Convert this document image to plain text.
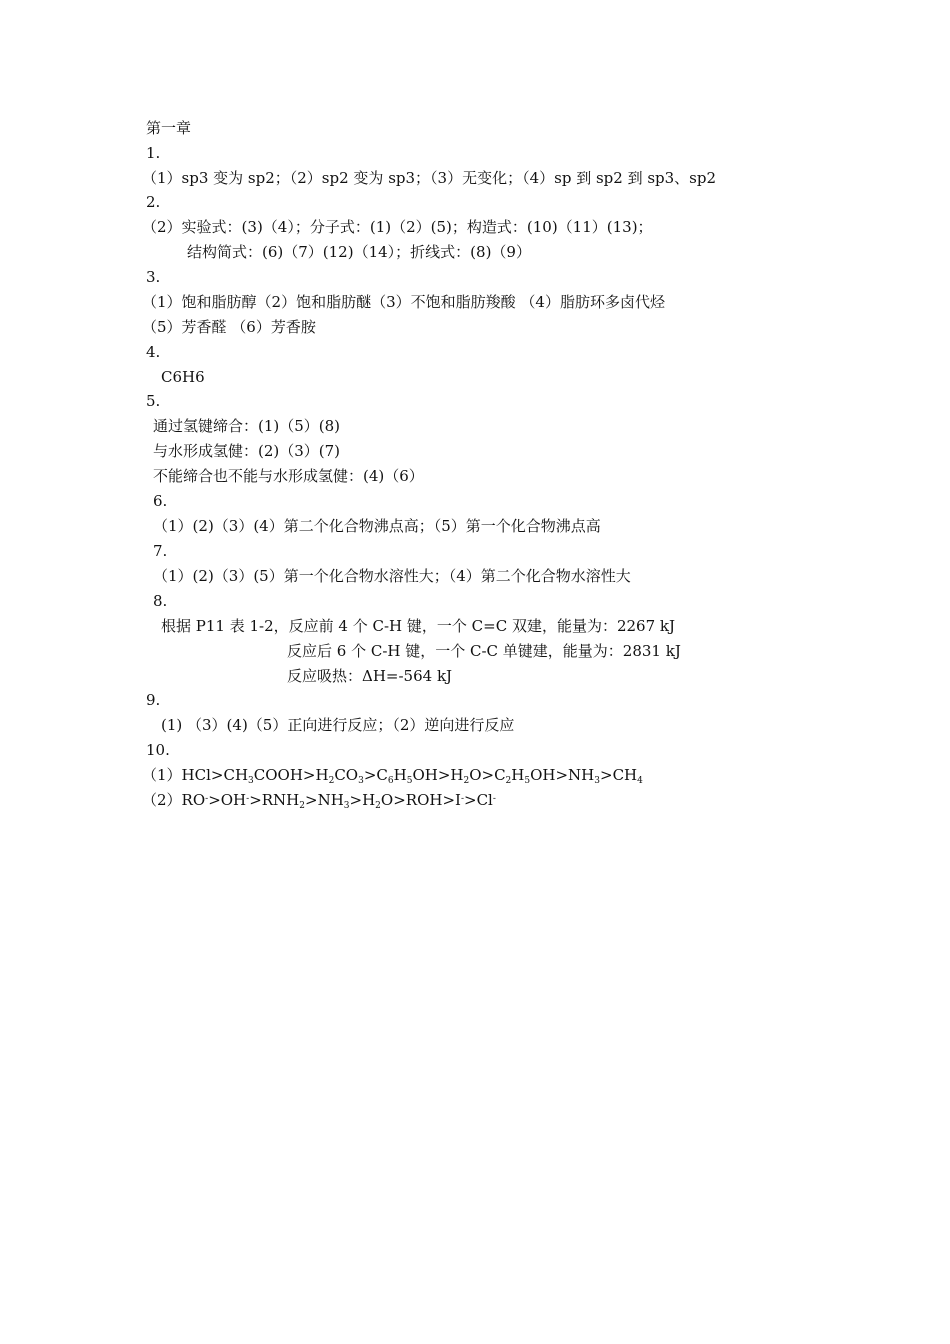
第一章
1.
（1）sp3 变为 sp2；（2）sp2 变为 sp3；（3）无变化；（4）sp 到 sp2 到 sp3、sp2
2.
（2）实验式：(3)（4）；分子式：(1)（2）(5)；构造式：(10)（11）(13)；
结构简式：(6)（7）(12)（14）；折线式：(8)（9）
3.
（1）饱和脂肪醇（2）饱和脂肪醚（3）不饱和脂肪羧酸 （4）脂肪环多卤代烃
（5）芳香醛 （6）芳香胺
4.
C6H6
5.
通过氢键缔合：(1)（5）(8)
与水形成氢健：(2)（3）(7)
不能缔合也不能与水形成氢健：(4)（6）
6.
（1）(2)（3）(4）第二个化合物沸点高；（5）第一个化合物沸点高
7.
（1）(2)（3）(5）第一个化合物水溶性大；（4）第二个化合物水溶性大
8.
根据 P11 表 1-2，反应前 4 个 C-H 键，一个 C=C 双建，能量为：2267 kJ
反应后 6 个 C-H 键，一个 C-C 单键建，能量为：2831 kJ
反应吸热：ΔH=-564 kJ
9.
(1) （3）(4)（5）正向进行反应；（2）逆向进行反应
10.
$(1)HCl>CH_3COOH>H_2CO_3>C_6H_5OH>H_2O>C_2H_5OH>NH_3>CH_4$
$(2)RO^->OH^->RNH_2>NH_3>H_2O>ROH>I^->Cl^-$
